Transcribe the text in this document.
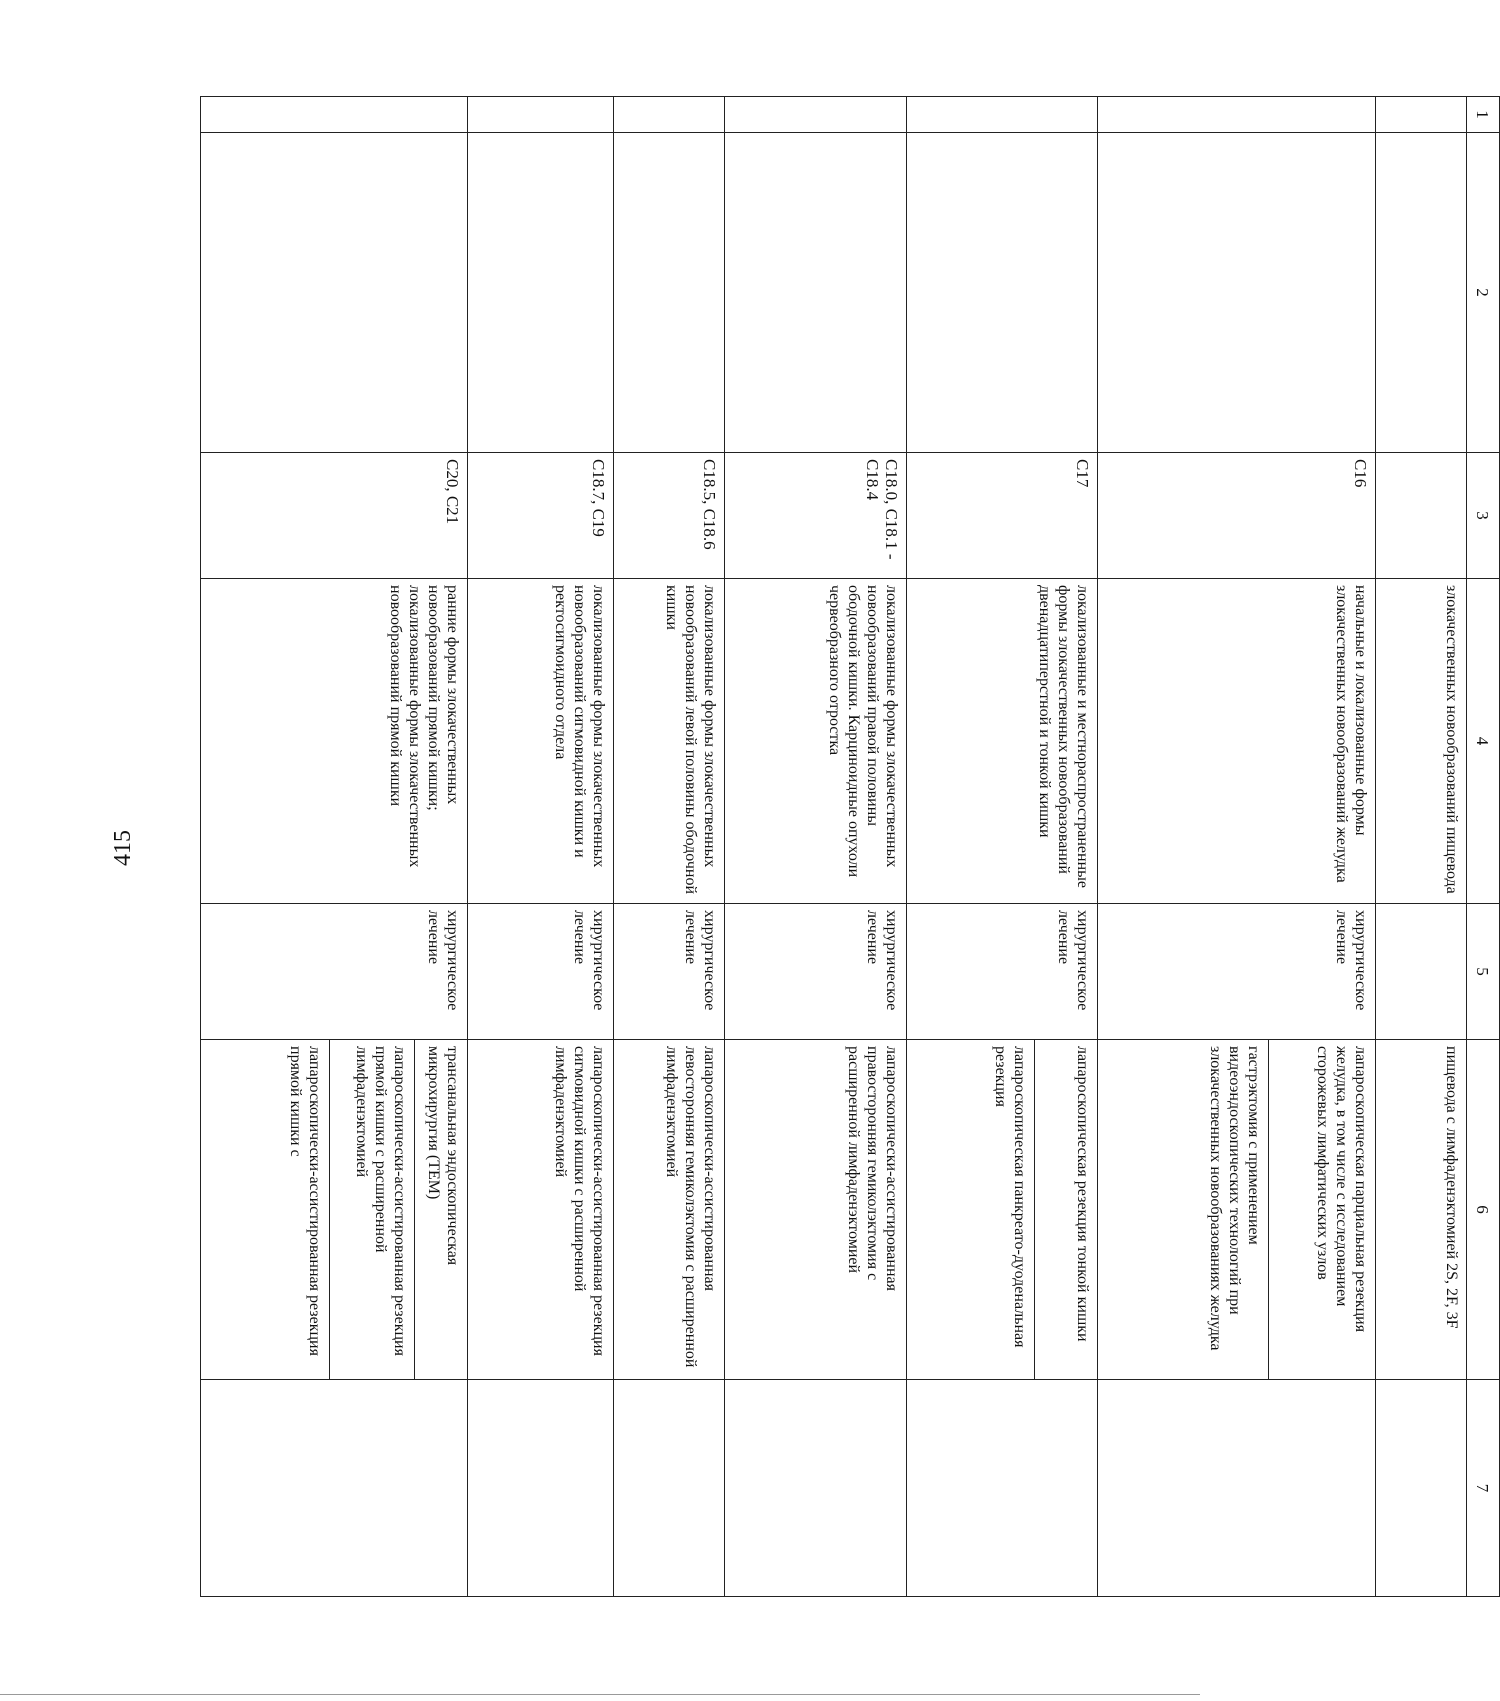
415
1	2	3	4	5	6	7
			злокачественных новообразований пищевода		пищевода с лимфаденэктомией 2S, 2F, 3F	

		C16	начальные и локализованные формы злокачественных новообразований желудка	хирургическое лечение	лапароскопическая парциальная резекция желудка, в том числе с исследованием сторожевых лимфатических узлов
гастрэктомия с применением видеоэндоскопических технологий при злокачественных новообразованиях желудка	

		C17	локализованные и местнораспространенные формы злокачественных новообразований двенадцатиперстной и тонкой кишки	хирургическое лечение	лапароскопическая резекция тонкой кишки
лапароскопическая панкреато-дуоденальная резекция	

		C18.0, C18.1 - C18.4	локализованные формы злокачественных новообразований правой половины ободочной кишки. Карциноидные опухоли червеобразного отростка	хирургическое лечение	лапароскопически-ассистированная правосторонняя гемиколэктомия с расширенной лимфаденэктомией	

		C18.5, C18.6	локализованные формы злокачественных новообразований левой половины ободочной кишки	хирургическое лечение	лапароскопически-ассистированная левосторонняя гемиколэктомия с расширенной лимфаденэктомией	

		C18.7, C19	локализованные формы злокачественных новообразований сигмовидной кишки и ректосигмоидного отдела	хирургическое лечение	лапароскопически-ассистированная резекция сигмовидной кишки с расширенной лимфаденэктомией	

		C20, C21	ранние формы злокачественных новообразований прямой кишки; локализованные формы злокачественных новообразований прямой кишки	хирургическое лечение	трансанальная эндоскопическая микрохирургия (TEM)
лапароскопически-ассистированная резекция прямой кишки с расширенной лимфаденэктомией
лапароскопически-ассистированная резекция прямой кишки с	
